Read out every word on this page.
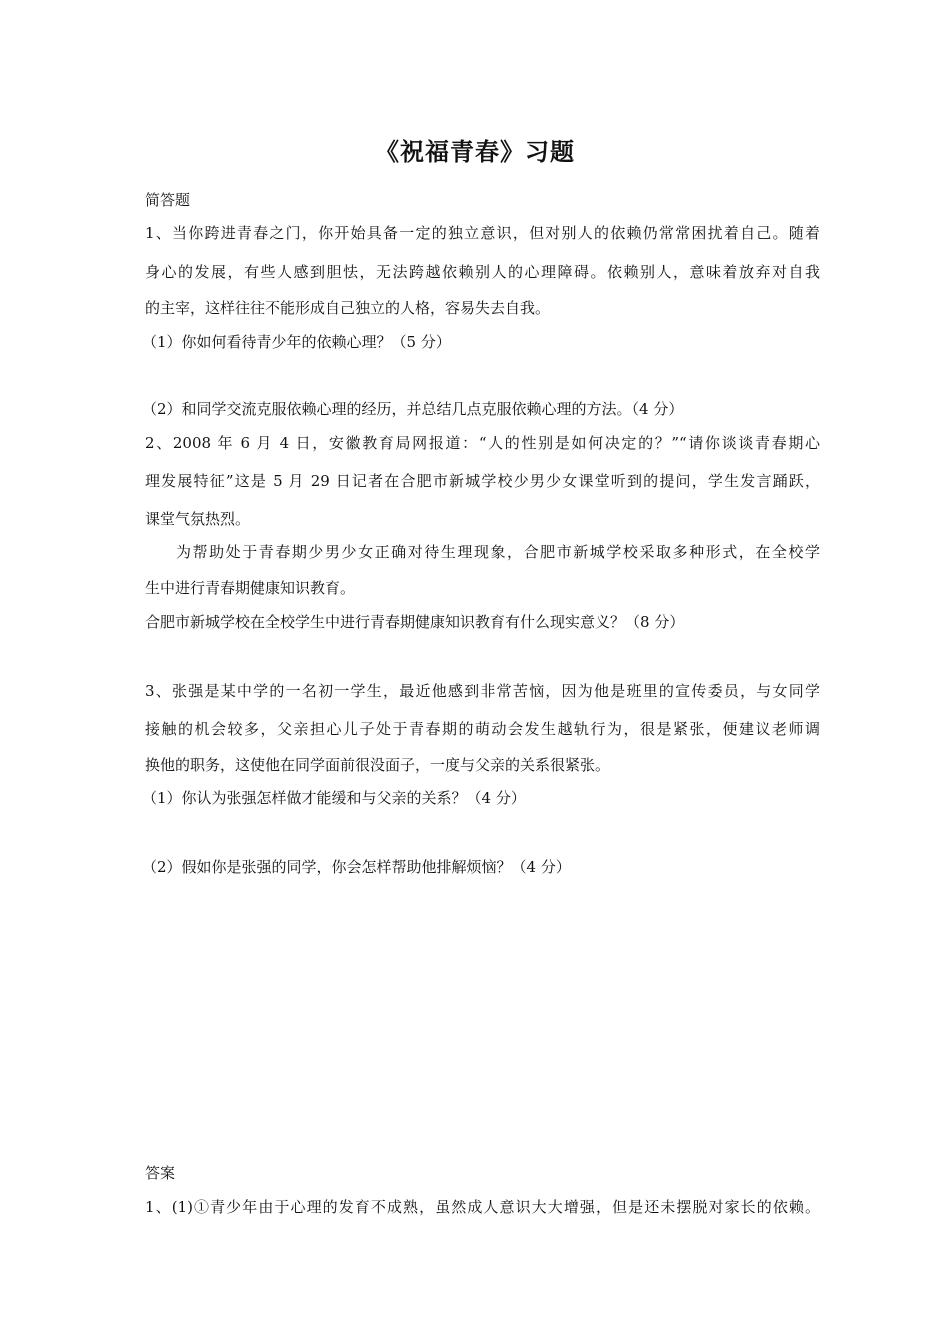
《祝福青春》习题
简答题
1、当你跨进青春之门，你开始具备一定的独立意识，但对别人的依赖仍常常困扰着自己。随着
身心的发展，有些人感到胆怯，无法跨越依赖别人的心理障碍。依赖别人，意味着放弃对自我
的主宰，这样往往不能形成自己独立的人格，容易失去自我。
（1）你如何看待青少年的依赖心理？（5 分）
（2）和同学交流克服依赖心理的经历，并总结几点克服依赖心理的方法。（4 分）
2、2008 年 6 月 4 日，安徽教育局网报道：“人的性别是如何决定的？”“请你谈谈青春期心
理发展特征”这是 5 月 29 日记者在合肥市新城学校少男少女课堂听到的提问，学生发言踊跃，
课堂气氛热烈。
为帮助处于青春期少男少女正确对待生理现象，合肥市新城学校采取多种形式，在全校学
生中进行青春期健康知识教育。
合肥市新城学校在全校学生中进行青春期健康知识教育有什么现实意义？（8 分）
3、张强是某中学的一名初一学生，最近他感到非常苦恼，因为他是班里的宣传委员，与女同学
接触的机会较多，父亲担心儿子处于青春期的萌动会发生越轨行为，很是紧张，便建议老师调
换他的职务，这使他在同学面前很没面子，一度与父亲的关系很紧张。
（1）你认为张强怎样做才能缓和与父亲的关系？（4 分）
（2）假如你是张强的同学，你会怎样帮助他排解烦恼？（4 分）
答案
1、(1)①青少年由于心理的发育不成熟，虽然成人意识大大增强，但是还未摆脱对家长的依赖。
